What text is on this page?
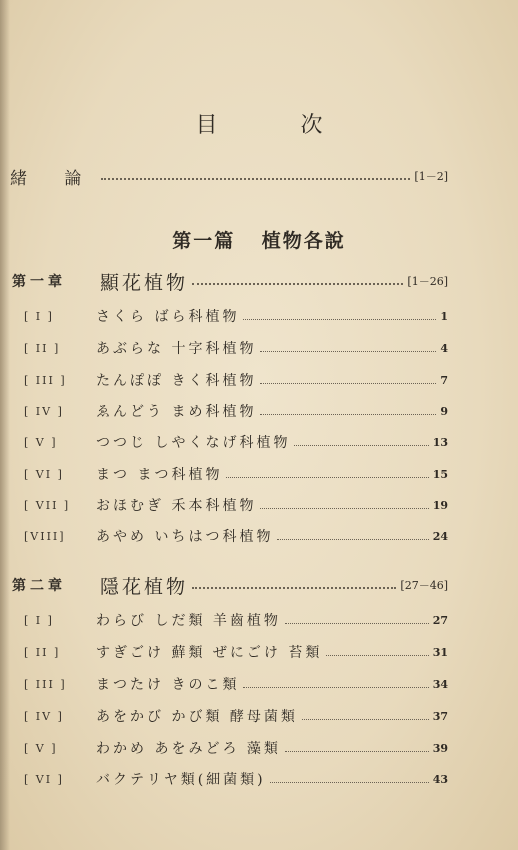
目 次
緒 論	[1－2]
第一篇 植物各說
第一章	顯花植物	[1－26]
[ I ]	さくら ばら科植物	1
[ II ]	あぶらな 十字科植物	4
[ III ]	たんぽぽ きく科植物	7
[ IV ]	ゑんどう まめ科植物	9
[ V ]	つつじ しやくなげ科植物	13
[ VI ]	まつ まつ科植物	15
[ VII ]	おほむぎ 禾本科植物	19
[VIII]	あやめ いちはつ科植物	24
第二章	隱花植物	[27－46]
[ I ]	わらび しだ類 羊齒植物	27
[ II ]	すぎごけ 蘚類 ぜにごけ 苔類	31
[ III ]	まつたけ きのこ類	34
[ IV ]	あをかび かび類 酵母菌類	37
[ V ]	わかめ あをみどろ 藻類	39
[ VI ]	バクテリヤ類(細菌類)	43
